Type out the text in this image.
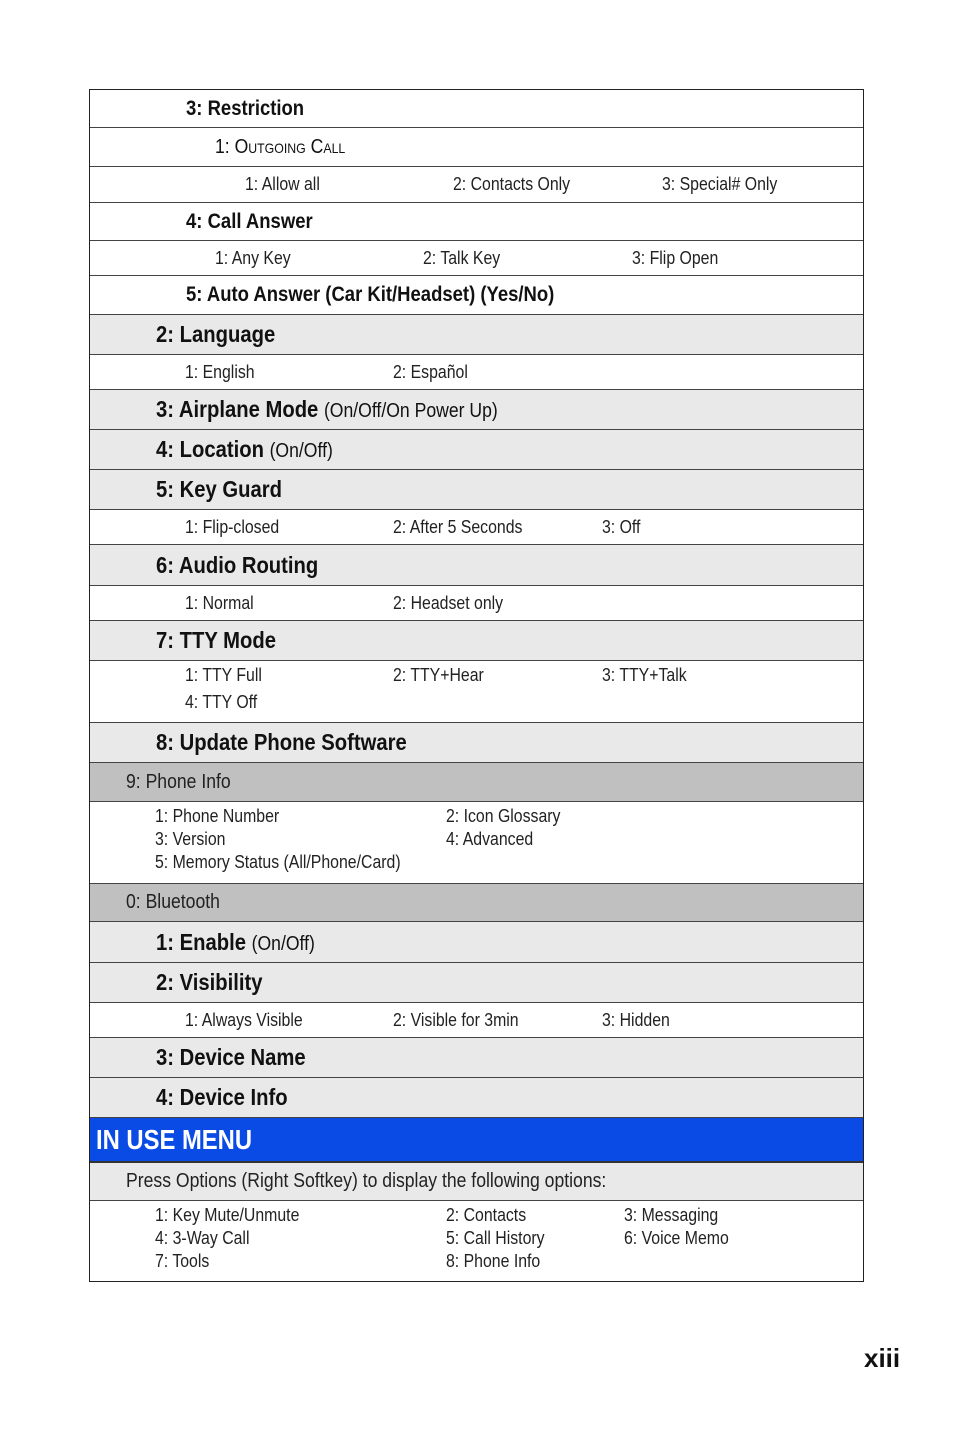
3: Restriction
1: Outgoing Call
1: Allow all	2: Contacts Only	3: Special# Only
4: Call Answer
1: Any Key	2: Talk Key	3: Flip Open
5: Auto Answer (Car Kit/Headset) (Yes/No)
2: Language
1: English	2: Español
3: Airplane Mode (On/Off/On Power Up)
4: Location (On/Off)
5: Key Guard
1: Flip-closed	2: After 5 Seconds	3: Off
6: Audio Routing
1: Normal	2: Headset only
7: TTY Mode
1: TTY Full	2: TTY+Hear	3: TTY+Talk
4: TTY Off
8: Update Phone Software
9: Phone Info
1: Phone Number	2: Icon Glossary
3: Version	4: Advanced
5: Memory Status (All/Phone/Card)
0: Bluetooth
1: Enable (On/Off)
2: Visibility
1: Always Visible	2: Visible for 3min	3: Hidden
3: Device Name
4: Device Info
IN USE MENU
Press Options (Right Softkey) to display the following options:
1: Key Mute/Unmute	2: Contacts	3: Messaging
4: 3-Way Call	5: Call History	6: Voice Memo
7: Tools	8: Phone Info
xiii
